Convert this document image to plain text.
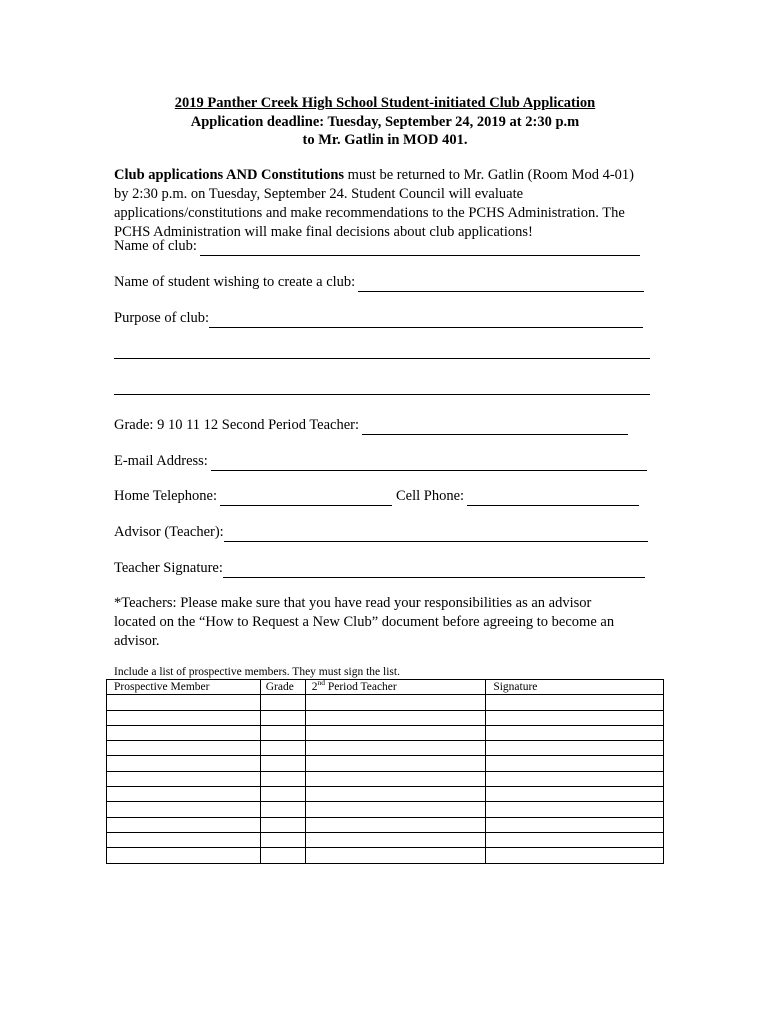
2019 Panther Creek High School Student-initiated Club Application
Application deadline: Tuesday, September 24, 2019 at 2:30 p.m
to Mr. Gatlin in MOD 401.

Club applications AND Constitutions must be returned to Mr. Gatlin (Room Mod 4-01)

by 2:30 p.m. on Tuesday, September 24. Student Council will evaluate

applications/constitutions and make recommendations to the PCHS Administration. The

PCHS Administration will make final decisions about club applications!

Name of club:
Name of student wishing to create a club:
Purpose of club:
Grade: 9 10 11 12 Second Period Teacher:
E-mail Address:
Home Telephone:	Cell Phone:
Advisor (Teacher):
Teacher Signature:

*Teachers: Please make sure that you have read your responsibilities as an advisor

located on the “How to Request a New Club” document before agreeing to become an

advisor.

Include a list of prospective members. They must sign the list.
Prospective Member	Grade	2nd Period Teacher	Signature
